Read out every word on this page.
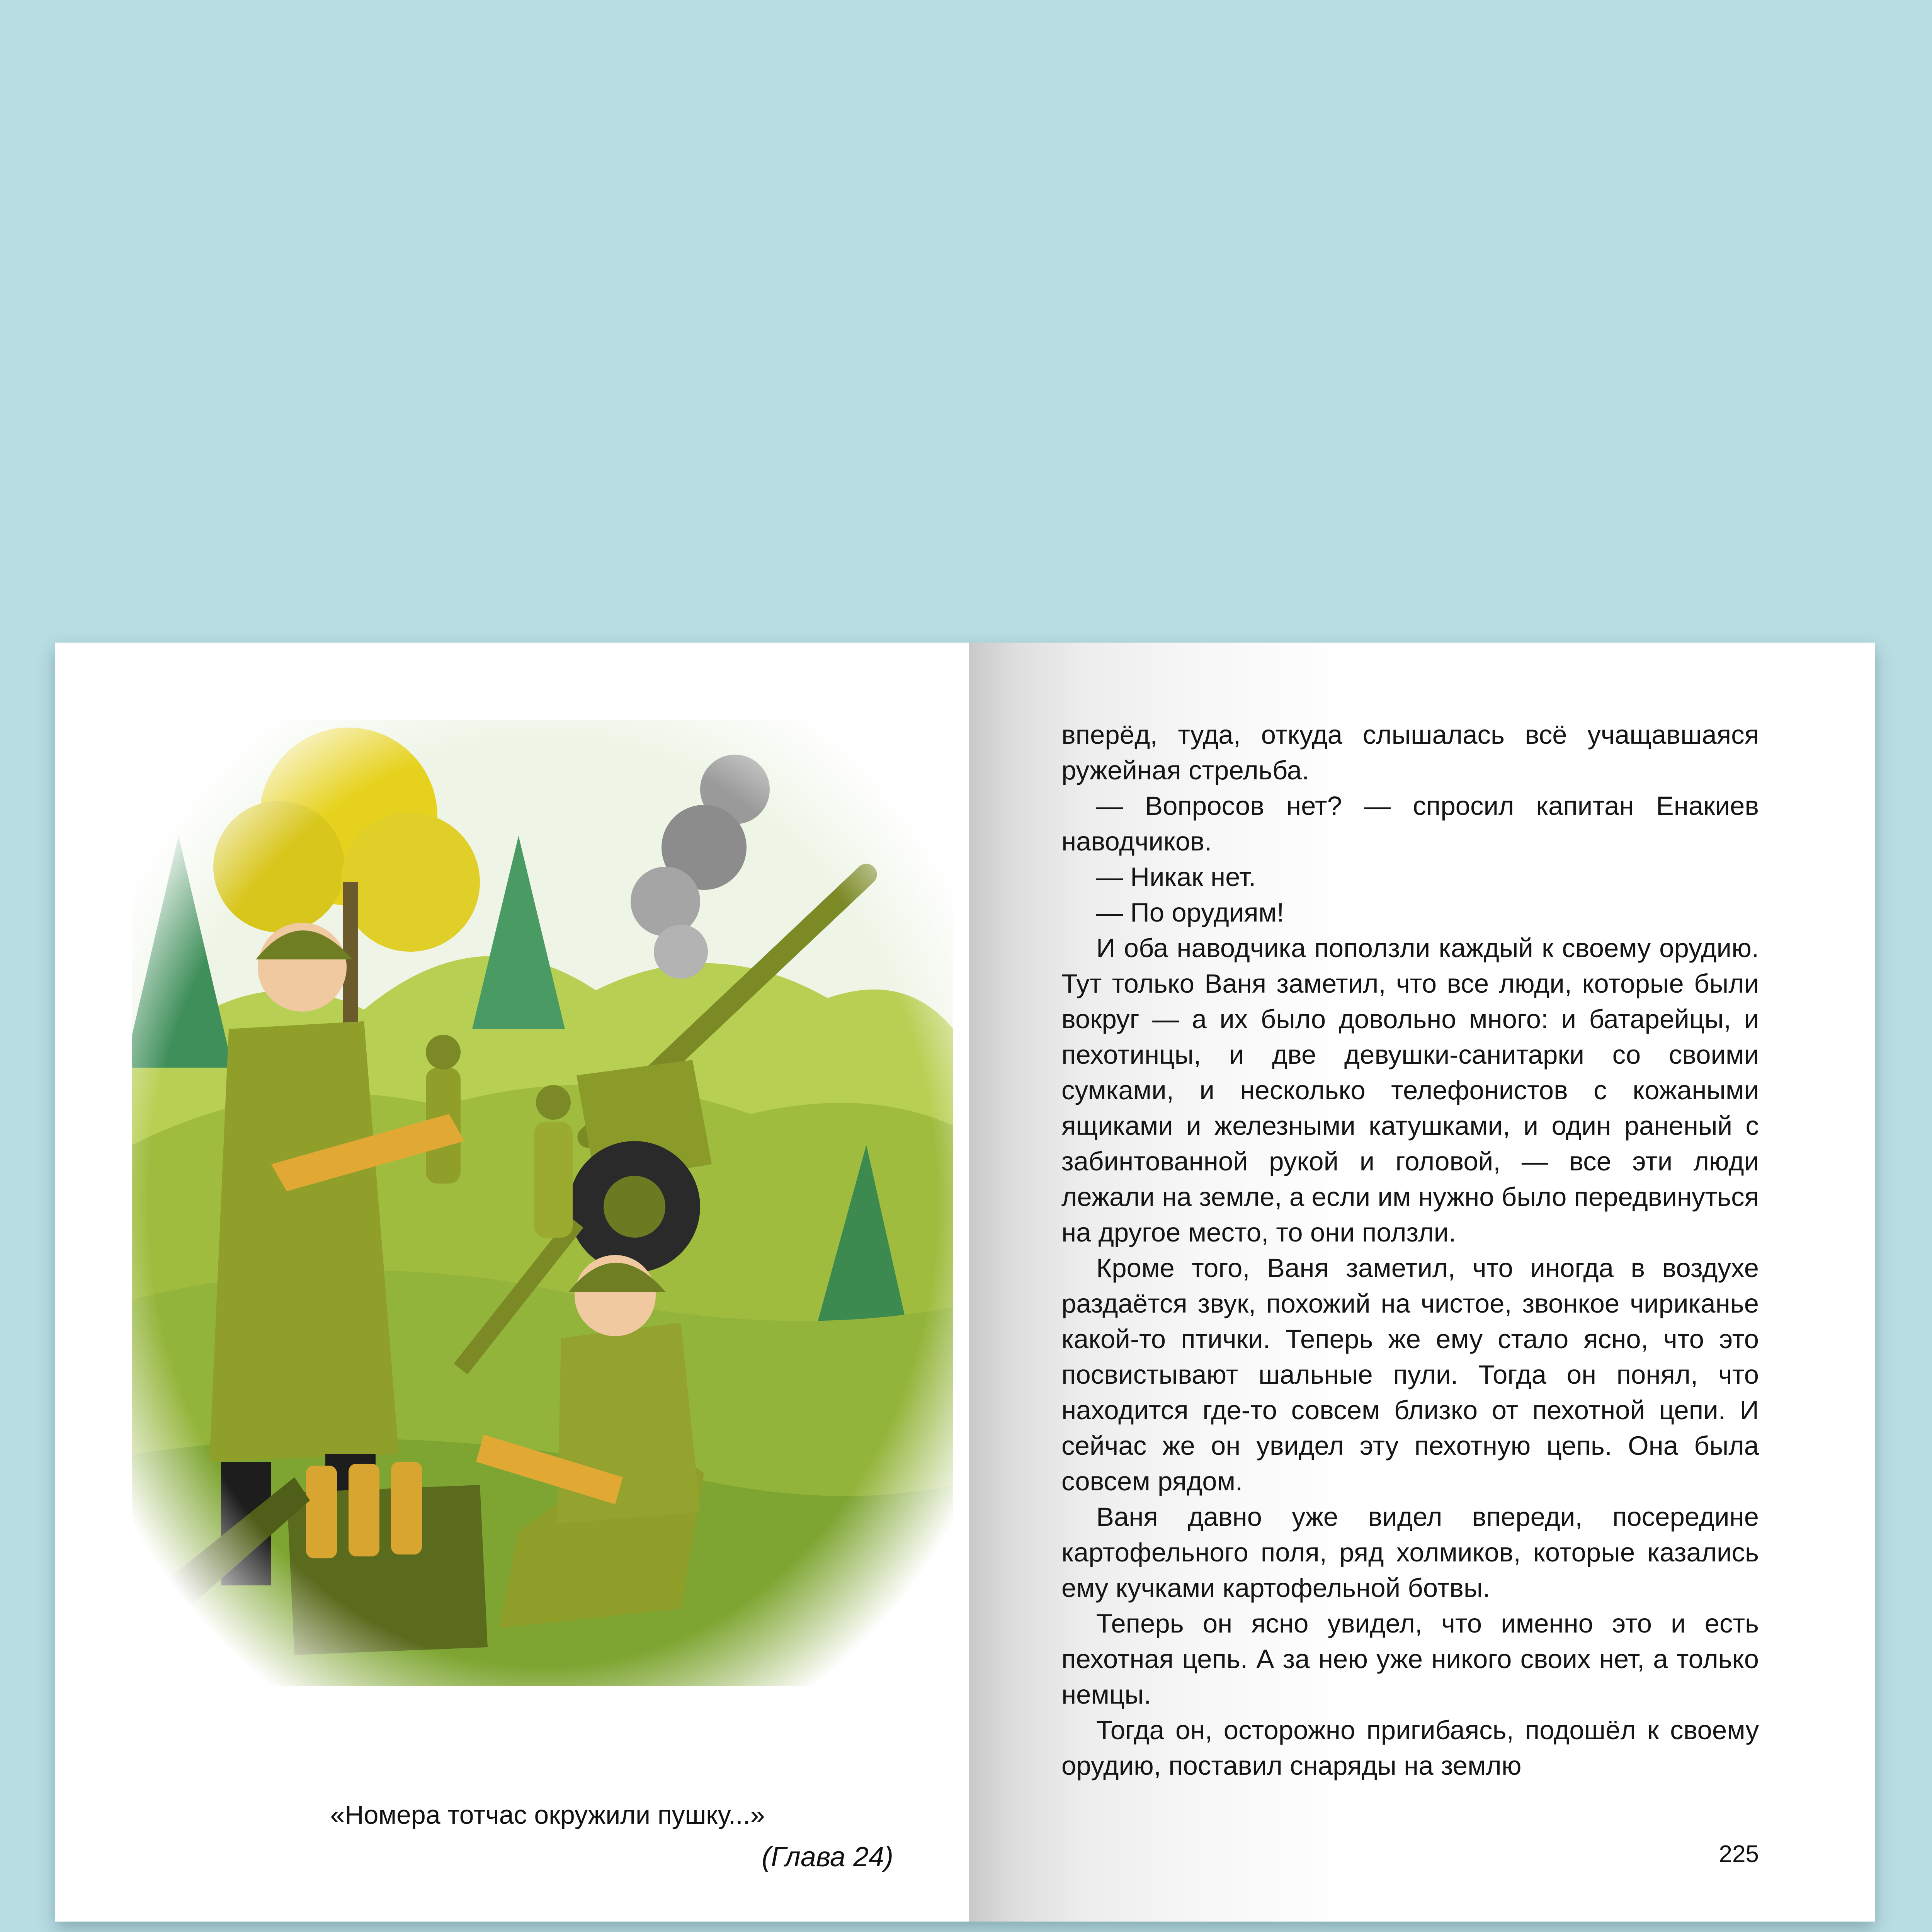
«Номера тотчас окружили пушку...»
(Глава 24)

вперёд, туда, откуда слышалась всё учащавшаяся ружейная стрельба.

— Вопросов нет? — спросил капитан Енакиев наводчиков.

— Никак нет.

— По орудиям!

И оба наводчика поползли каждый к своему орудию. Тут только Ваня заметил, что все люди, которые были вокруг — а их было довольно много: и батарейцы, и пехотинцы, и две девушки-санитарки со своими сумками, и несколько телефонистов с кожаными ящиками и железными катушками, и один раненый с забинтованной рукой и головой, — все эти люди лежали на земле, а если им нужно было передвинуться на другое место, то они ползли.

Кроме того, Ваня заметил, что иногда в воздухе раздаётся звук, похожий на чистое, звонкое чириканье какой-то птички. Теперь же ему стало ясно, что это посвистывают шальные пули. Тогда он понял, что находится где-то совсем близко от пехотной цепи. И сейчас же он увидел эту пехотную цепь. Она была совсем рядом.

Ваня давно уже видел впереди, посередине картофельного поля, ряд холмиков, которые казались ему кучками картофельной ботвы.

Теперь он ясно увидел, что именно это и есть пехотная цепь. А за нею уже никого своих нет, а только немцы.

Тогда он, осторожно пригибаясь, подошёл к своему орудию, поставил снаряды на землю

225
